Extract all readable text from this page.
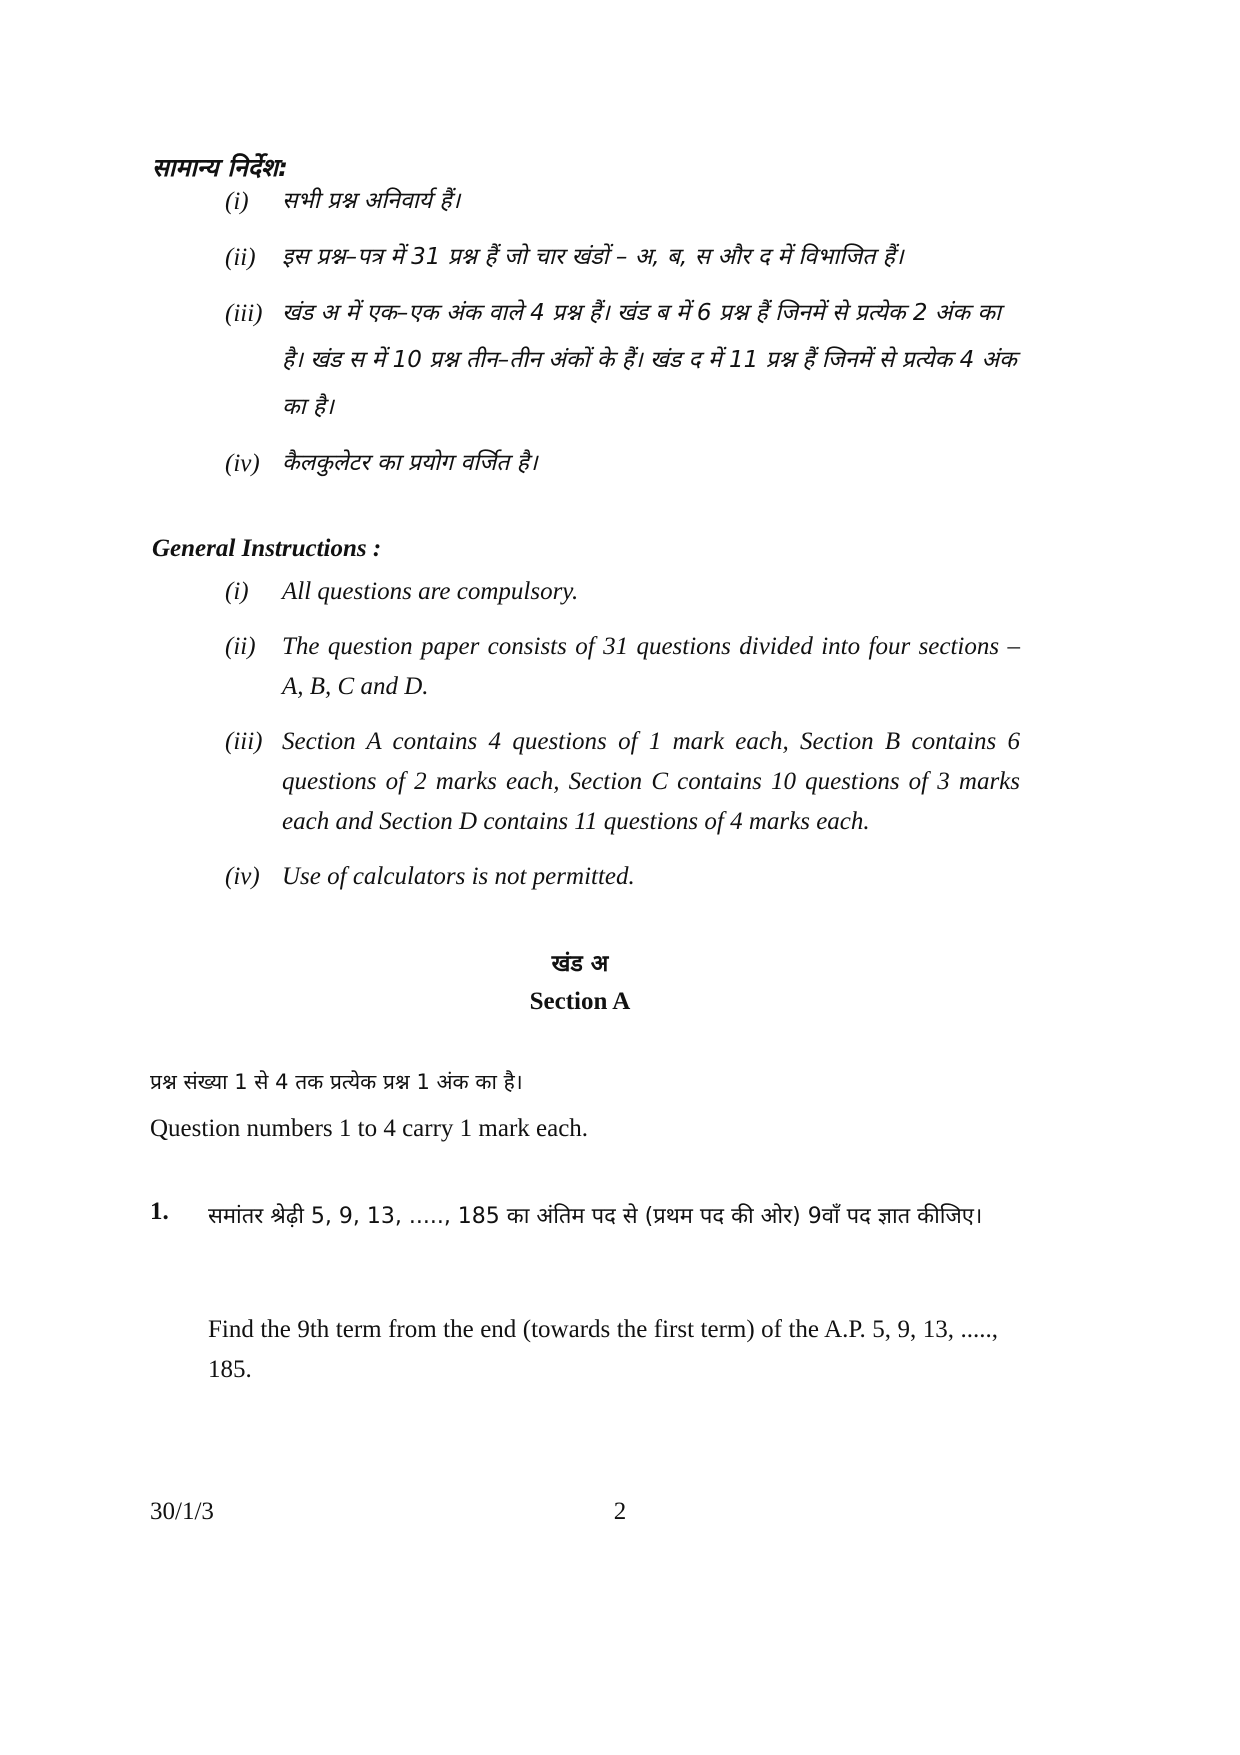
सामान्य निर्देश:
(i) सभी प्रश्न अनिवार्य हैं।
(ii) इस प्रश्न–पत्र में 31 प्रश्न हैं जो चार खंडों – अ, ब, स और द में विभाजित हैं।
(iii) खंड अ में एक–एक अंक वाले 4 प्रश्न हैं। खंड ब में 6 प्रश्न हैं जिनमें से प्रत्येक 2 अंक का है। खंड स में 10 प्रश्न तीन–तीन अंकों के हैं। खंड द में 11 प्रश्न हैं जिनमें से प्रत्येक 4 अंक का है।
(iv) कैलकुलेटर का प्रयोग वर्जित है।
General Instructions :
(i) All questions are compulsory.
(ii) The question paper consists of 31 questions divided into four sections – A, B, C and D.
(iii) Section A contains 4 questions of 1 mark each, Section B contains 6 questions of 2 marks each, Section C contains 10 questions of 3 marks each and Section D contains 11 questions of 4 marks each.
(iv) Use of calculators is not permitted.
खंड अ
Section A
प्रश्न संख्या 1 से 4 तक प्रत्येक प्रश्न 1 अंक का है।
Question numbers 1 to 4 carry 1 mark each.
1. समांतर श्रेढ़ी 5, 9, 13, ....., 185 का अंतिम पद से (प्रथम पद की ओर) 9वाँ पद ज्ञात कीजिए।
Find the 9th term from the end (towards the first term) of the A.P. 5, 9, 13, ....., 185.
30/1/3	2
